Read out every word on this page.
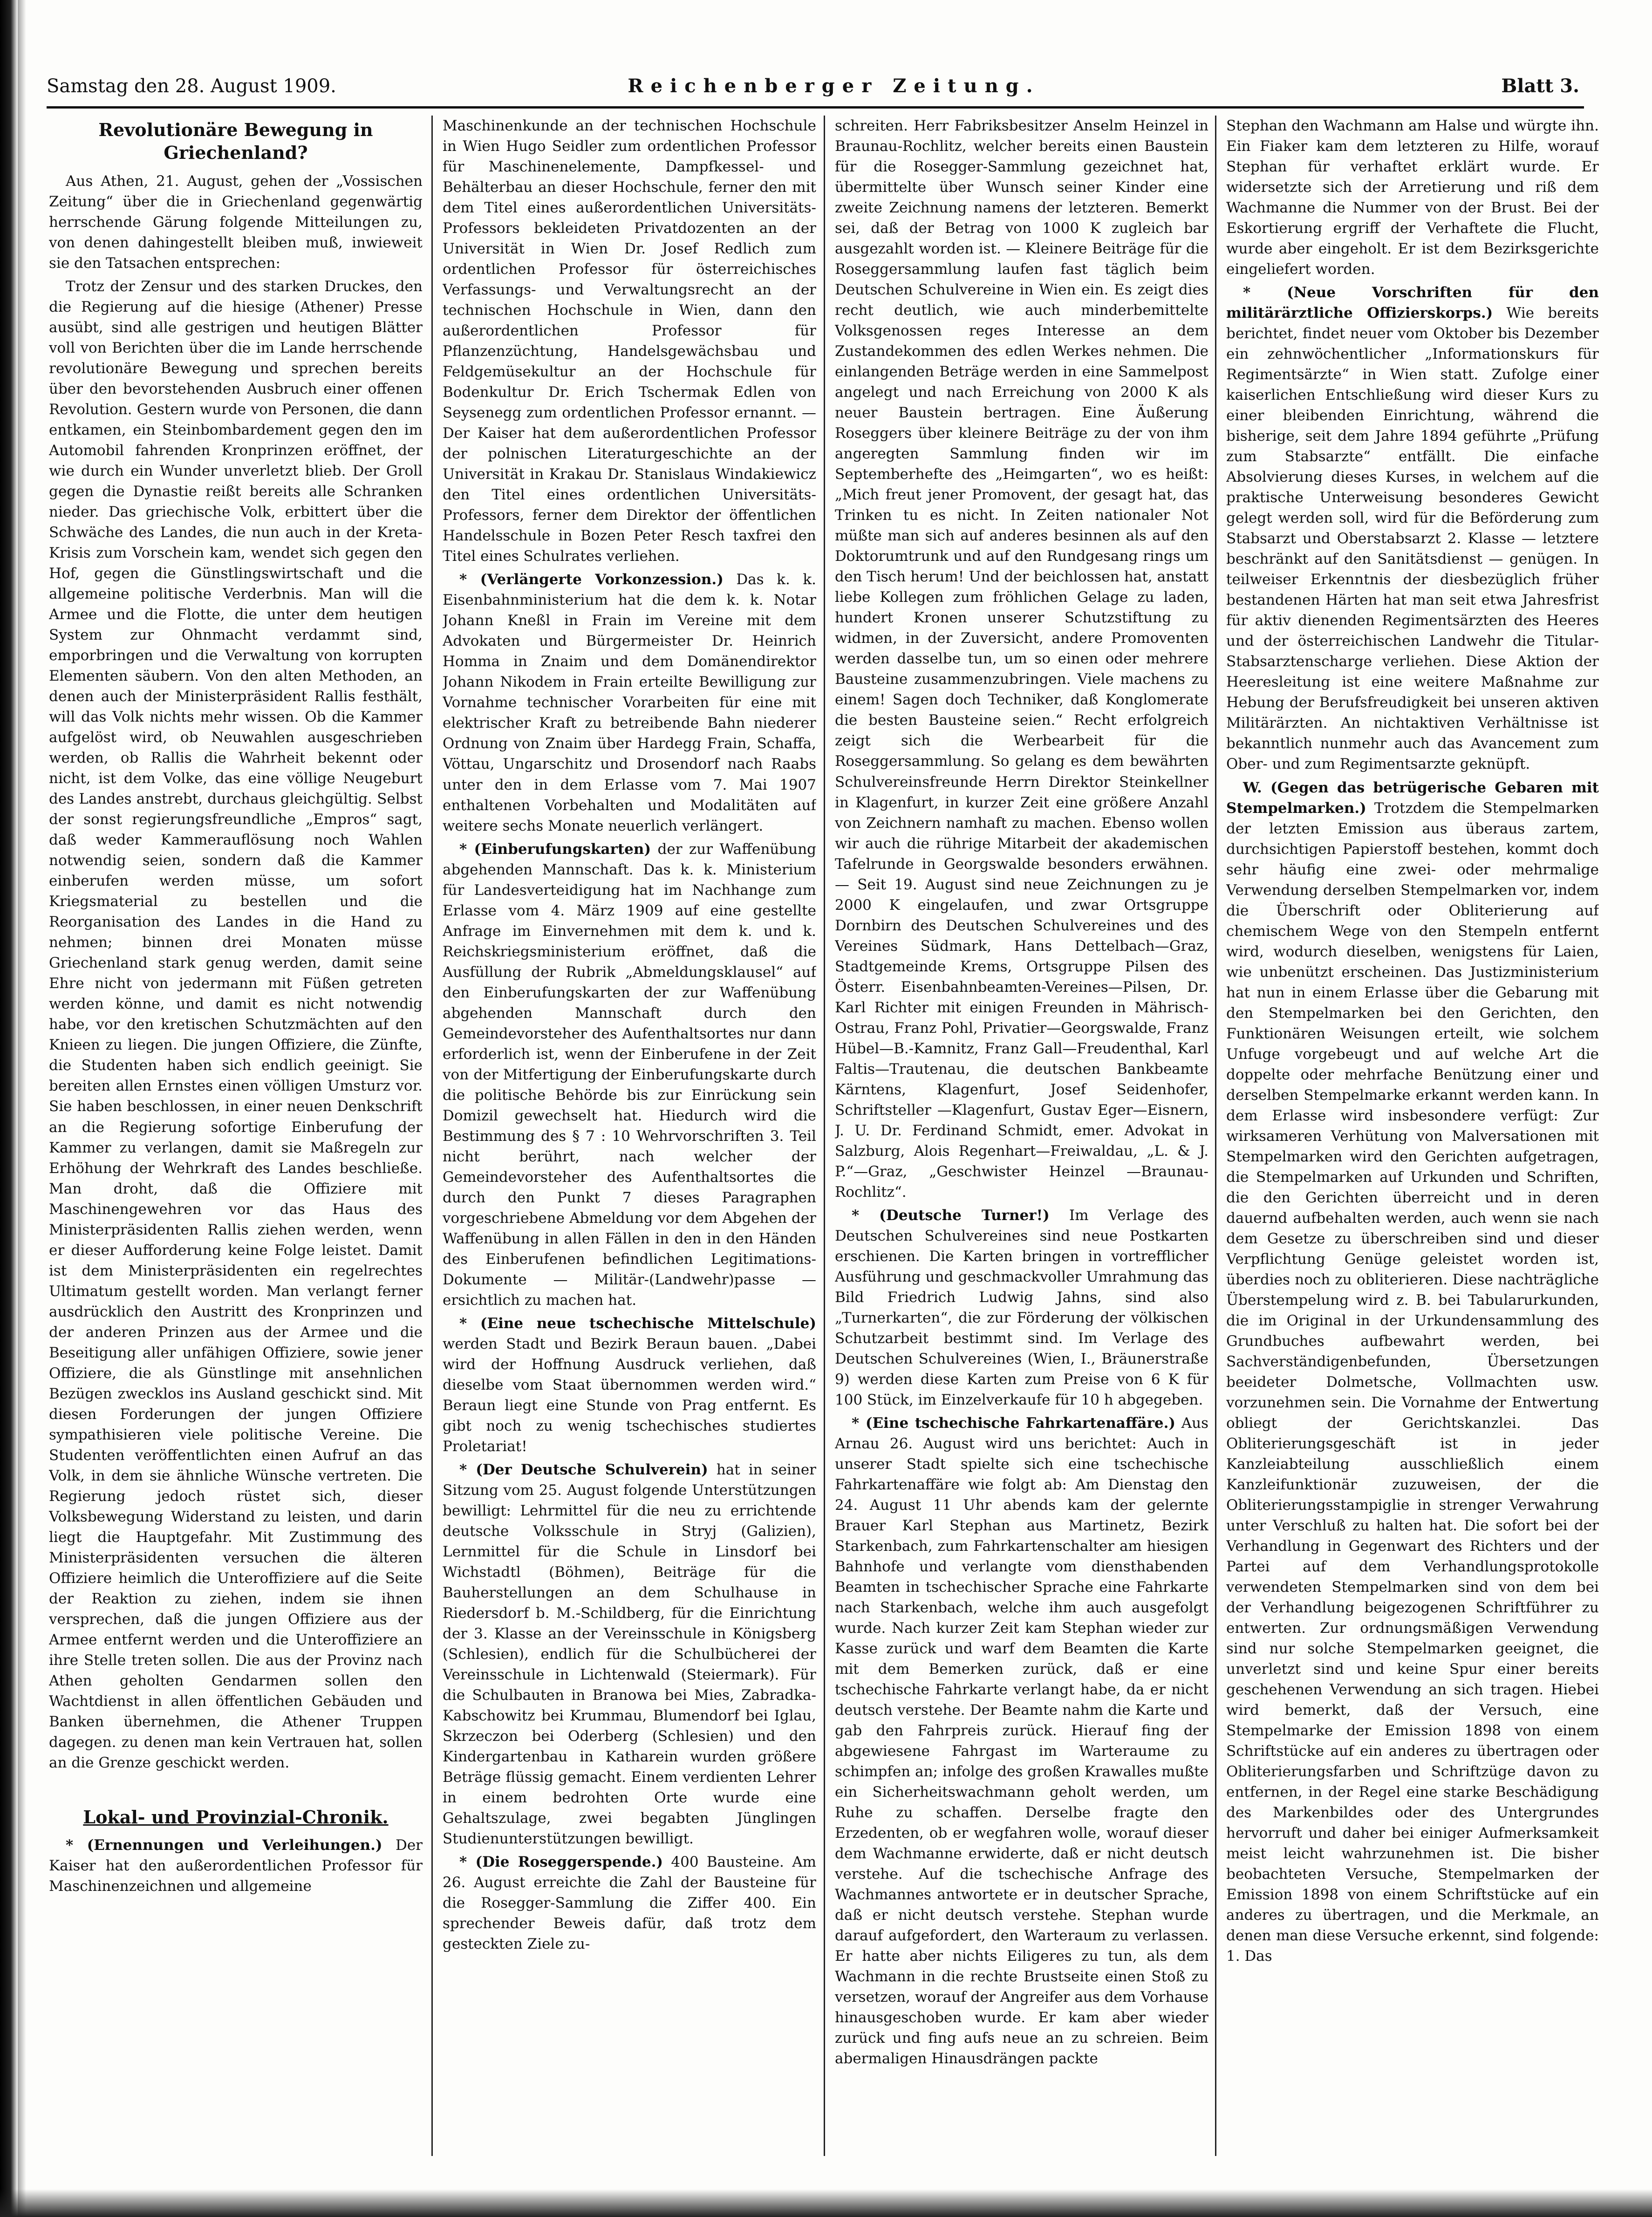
Samstag den 28. August 1909.	Reichenberger Zeitung.	Blatt 3.
Revolutionäre Bewegung in Griechenland?

Aus Athen, 21. August, gehen der „Vossischen Zeitung“ über die in Griechenland gegenwärtig herrschende Gärung folgende Mitteilungen zu, von denen dahingestellt bleiben muß, inwieweit sie den Tatsachen entsprechen:

Trotz der Zensur und des starken Druckes, den die Regierung auf die hiesige (Athener) Presse ausübt, sind alle gestrigen und heutigen Blätter voll von Berichten über die im Lande herrschende revolutionäre Bewegung und sprechen bereits über den bevorstehenden Ausbruch einer offenen Revolution. Gestern wurde von Personen, die dann entkamen, ein Steinbombardement gegen den im Automobil fahrenden Kronprinzen eröffnet, der wie durch ein Wunder unverletzt blieb. Der Groll gegen die Dynastie reißt bereits alle Schranken nieder. Das griechische Volk, erbittert über die Schwäche des Landes, die nun auch in der Kreta-Krisis zum Vorschein kam, wendet sich gegen den Hof, gegen die Günstlingswirtschaft und die allgemeine politische Verderbnis. Man will die Armee und die Flotte, die unter dem heutigen System zur Ohnmacht verdammt sind, emporbringen und die Verwaltung von korrupten Elementen säubern. Von den alten Methoden, an denen auch der Ministerpräsident Rallis festhält, will das Volk nichts mehr wissen. Ob die Kammer aufgelöst wird, ob Neuwahlen ausgeschrieben werden, ob Rallis die Wahrheit bekennt oder nicht, ist dem Volke, das eine völlige Neugeburt des Landes anstrebt, durchaus gleichgültig. Selbst der sonst regierungsfreundliche „Empros“ sagt, daß weder Kammerauflösung noch Wahlen notwendig seien, sondern daß die Kammer einberufen werden müsse, um sofort Kriegsmaterial zu bestellen und die Reorganisation des Landes in die Hand zu nehmen; binnen drei Monaten müsse Griechenland stark genug werden, damit seine Ehre nicht von jedermann mit Füßen getreten werden könne, und damit es nicht notwendig habe, vor den kretischen Schutzmächten auf den Knieen zu liegen. Die jungen Offiziere, die Zünfte, die Studenten haben sich endlich geeinigt. Sie bereiten allen Ernstes einen völligen Umsturz vor. Sie haben beschlossen, in einer neuen Denkschrift an die Regierung sofortige Einberufung der Kammer zu verlangen, damit sie Maßregeln zur Erhöhung der Wehrkraft des Landes beschließe. Man droht, daß die Offiziere mit Maschinengewehren vor das Haus des Ministerpräsidenten Rallis ziehen werden, wenn er dieser Aufforderung keine Folge leistet. Damit ist dem Ministerpräsidenten ein regelrechtes Ultimatum gestellt worden. Man verlangt ferner ausdrücklich den Austritt des Kronprinzen und der anderen Prinzen aus der Armee und die Beseitigung aller unfähigen Offiziere, sowie jener Offiziere, die als Günstlinge mit ansehnlichen Bezügen zwecklos ins Ausland geschickt sind. Mit diesen Forderungen der jungen Offiziere sympathisieren viele politische Vereine. Die Studenten veröffentlichten einen Aufruf an das Volk, in dem sie ähnliche Wünsche vertreten. Die Regierung jedoch rüstet sich, dieser Volksbewegung Widerstand zu leisten, und darin liegt die Hauptgefahr. Mit Zustimmung des Ministerpräsidenten versuchen die älteren Offiziere heimlich die Unteroffiziere auf die Seite der Reaktion zu ziehen, indem sie ihnen versprechen, daß die jungen Offiziere aus der Armee entfernt werden und die Unteroffiziere an ihre Stelle treten sollen. Die aus der Provinz nach Athen geholten Gendarmen sollen den Wachtdienst in allen öffentlichen Gebäuden und Banken übernehmen, die Athener Truppen dagegen. zu denen man kein Vertrauen hat, sollen an die Grenze geschickt werden.

Lokal- und Provinzial-Chronik.

* (Ernennungen und Verleihungen.) Der Kaiser hat den außerordentlichen Professor für Maschinenzeichnen und allgemeine

Maschinenkunde an der technischen Hochschule in Wien Hugo Seidler zum ordentlichen Professor für Maschinenelemente, Dampfkessel- und Behälterbau an dieser Hochschule, ferner den mit dem Titel eines außerordentlichen Universitäts-Professors bekleideten Privatdozenten an der Universität in Wien Dr. Josef Redlich zum ordentlichen Professor für österreichisches Verfassungs- und Verwaltungsrecht an der technischen Hochschule in Wien, dann den außerordentlichen Professor für Pflanzenzüchtung, Handelsgewächsbau und Feldgemüsekultur an der Hochschule für Bodenkultur Dr. Erich Tschermak Edlen von Seysenegg zum ordentlichen Professor ernannt. — Der Kaiser hat dem außerordentlichen Professor der polnischen Literaturgeschichte an der Universität in Krakau Dr. Stanislaus Windakiewicz den Titel eines ordentlichen Universitäts-Professors, ferner dem Direktor der öffentlichen Handelsschule in Bozen Peter Resch taxfrei den Titel eines Schulrates verliehen.

* (Verlängerte Vorkonzession.) Das k. k. Eisenbahnministerium hat die dem k. k. Notar Johann Kneßl in Frain im Vereine mit dem Advokaten und Bürgermeister Dr. Heinrich Homma in Znaim und dem Domänendirektor Johann Nikodem in Frain erteilte Bewilligung zur Vornahme technischer Vorarbeiten für eine mit elektrischer Kraft zu betreibende Bahn niederer Ordnung von Znaim über Hardegg Frain, Schaffa, Vöttau, Ungarschitz und Drosendorf nach Raabs unter den in dem Erlasse vom 7. Mai 1907 enthaltenen Vorbehalten und Modalitäten auf weitere sechs Monate neuerlich verlängert.

* (Einberufungskarten) der zur Waffenübung abgehenden Mannschaft. Das k. k. Ministerium für Landesverteidigung hat im Nachhange zum Erlasse vom 4. März 1909 auf eine gestellte Anfrage im Einvernehmen mit dem k. und k. Reichskriegsministerium eröffnet, daß die Ausfüllung der Rubrik „Abmeldungsklausel“ auf den Einberufungskarten der zur Waffenübung abgehenden Mannschaft durch den Gemeindevorsteher des Aufenthaltsortes nur dann erforderlich ist, wenn der Einberufene in der Zeit von der Mitfertigung der Einberufungskarte durch die politische Behörde bis zur Einrückung sein Domizil gewechselt hat. Hiedurch wird die Bestimmung des § 7 : 10 Wehrvorschriften 3. Teil nicht berührt, nach welcher der Gemeindevorsteher des Aufenthaltsortes die durch den Punkt 7 dieses Paragraphen vorgeschriebene Abmeldung vor dem Abgehen der Waffenübung in allen Fällen in den in den Händen des Einberufenen befindlichen Legitimations-Dokumente — Militär-(Landwehr)passe — ersichtlich zu machen hat.

* (Eine neue tschechische Mittelschule) werden Stadt und Bezirk Beraun bauen. „Dabei wird der Hoffnung Ausdruck verliehen, daß dieselbe vom Staat übernommen werden wird.“ Beraun liegt eine Stunde von Prag entfernt. Es gibt noch zu wenig tschechisches studiertes Proletariat!

* (Der Deutsche Schulverein) hat in seiner Sitzung vom 25. August folgende Unterstützungen bewilligt: Lehrmittel für die neu zu errichtende deutsche Volksschule in Stryj (Galizien), Lernmittel für die Schule in Linsdorf bei Wichstadtl (Böhmen), Beiträge für die Bauherstellungen an dem Schulhause in Riedersdorf b. M.-Schildberg, für die Einrichtung der 3. Klasse an der Vereinsschule in Königsberg (Schlesien), endlich für die Schulbücherei der Vereinsschule in Lichtenwald (Steiermark). Für die Schulbauten in Branowa bei Mies, Zabradka-Kabschowitz bei Krummau, Blumendorf bei Iglau, Skrzeczon bei Oderberg (Schlesien) und den Kindergartenbau in Katharein wurden größere Beträge flüssig gemacht. Einem verdienten Lehrer in einem bedrohten Orte wurde eine Gehaltszulage, zwei begabten Jünglingen Studienunterstützungen bewilligt.

* (Die Roseggerspende.) 400 Bausteine. Am 26. August erreichte die Zahl der Bausteine für die Rosegger-Sammlung die Ziffer 400. Ein sprechender Beweis dafür, daß trotz dem gesteckten Ziele zu-

schreiten. Herr Fabriksbesitzer Anselm Heinzel in Braunau-Rochlitz, welcher bereits einen Baustein für die Rosegger-Sammlung gezeichnet hat, übermittelte über Wunsch seiner Kinder eine zweite Zeichnung namens der letzteren. Bemerkt sei, daß der Betrag von 1000 K zugleich bar ausgezahlt worden ist. — Kleinere Beiträge für die Roseggersammlung laufen fast täglich beim Deutschen Schulvereine in Wien ein. Es zeigt dies recht deutlich, wie auch minderbemittelte Volksgenossen reges Interesse an dem Zustandekommen des edlen Werkes nehmen. Die einlangenden Beträge werden in eine Sammelpost angelegt und nach Erreichung von 2000 K als neuer Baustein bertragen. Eine Äußerung Roseggers über kleinere Beiträge zu der von ihm angeregten Sammlung finden wir im Septemberhefte des „Heimgarten“, wo es heißt: „Mich freut jener Promovent, der gesagt hat, das Trinken tu es nicht. In Zeiten nationaler Not müßte man sich auf anderes besinnen als auf den Doktorumtrunk und auf den Rundgesang rings um den Tisch herum! Und der beichlossen hat, anstatt liebe Kollegen zum fröhlichen Gelage zu laden, hundert Kronen unserer Schutzstiftung zu widmen, in der Zuversicht, andere Promoventen werden dasselbe tun, um so einen oder mehrere Bausteine zusammenzubringen. Viele machens zu einem! Sagen doch Techniker, daß Konglomerate die besten Bausteine seien.“ Recht erfolgreich zeigt sich die Werbearbeit für die Roseggersammlung. So gelang es dem bewährten Schulvereinsfreunde Herrn Direktor Steinkellner in Klagenfurt, in kurzer Zeit eine größere Anzahl von Zeichnern namhaft zu machen. Ebenso wollen wir auch die rührige Mitarbeit der akademischen Tafelrunde in Georgswalde besonders erwähnen. — Seit 19. August sind neue Zeichnungen zu je 2000 K eingelaufen, und zwar Ortsgruppe Dornbirn des Deutschen Schulvereines und des Vereines Südmark, Hans Dettelbach—Graz, Stadtgemeinde Krems, Ortsgruppe Pilsen des Österr. Eisenbahnbeamten-Vereines—Pilsen, Dr. Karl Richter mit einigen Freunden in Mährisch-Ostrau, Franz Pohl, Privatier—Georgswalde, Franz Hübel—B.-Kamnitz, Franz Gall—Freudenthal, Karl Faltis—Trautenau, die deutschen Bankbeamte Kärntens, Klagenfurt, Josef Seidenhofer, Schriftsteller —Klagenfurt, Gustav Eger—Eisnern, J. U. Dr. Ferdinand Schmidt, emer. Advokat in Salzburg, Alois Regenhart—Freiwaldau, „L. & J. P.“—Graz, „Geschwister Heinzel —Braunau-Rochlitz“.

* (Deutsche Turner!) Im Verlage des Deutschen Schulvereines sind neue Postkarten erschienen. Die Karten bringen in vortrefflicher Ausführung und geschmackvoller Umrahmung das Bild Friedrich Ludwig Jahns, sind also „Turnerkarten“, die zur Förderung der völkischen Schutzarbeit bestimmt sind. Im Verlage des Deutschen Schulvereines (Wien, I., Bräunerstraße 9) werden diese Karten zum Preise von 6 K für 100 Stück, im Einzelverkaufe für 10 h abgegeben.

* (Eine tschechische Fahrkartenaffäre.) Aus Arnau 26. August wird uns berichtet: Auch in unserer Stadt spielte sich eine tschechische Fahrkartenaffäre wie folgt ab: Am Dienstag den 24. August 11 Uhr abends kam der gelernte Brauer Karl Stephan aus Martinetz, Bezirk Starkenbach, zum Fahrkartenschalter am hiesigen Bahnhofe und verlangte vom diensthabenden Beamten in tschechischer Sprache eine Fahrkarte nach Starkenbach, welche ihm auch ausgefolgt wurde. Nach kurzer Zeit kam Stephan wieder zur Kasse zurück und warf dem Beamten die Karte mit dem Bemerken zurück, daß er eine tschechische Fahrkarte verlangt habe, da er nicht deutsch verstehe. Der Beamte nahm die Karte und gab den Fahrpreis zurück. Hierauf fing der abgewiesene Fahrgast im Warteraume zu schimpfen an; infolge des großen Krawalles mußte ein Sicherheitswachmann geholt werden, um Ruhe zu schaffen. Derselbe fragte den Erzedenten, ob er wegfahren wolle, worauf dieser dem Wachmanne erwiderte, daß er nicht deutsch verstehe. Auf die tschechische Anfrage des Wachmannes antwortete er in deutscher Sprache, daß er nicht deutsch verstehe. Stephan wurde darauf aufgefordert, den Warteraum zu verlassen. Er hatte aber nichts Eiligeres zu tun, als dem Wachmann in die rechte Brustseite einen Stoß zu versetzen, worauf der Angreifer aus dem Vorhause hinausgeschoben wurde. Er kam aber wieder zurück und fing aufs neue an zu schreien. Beim abermaligen Hinausdrängen packte

Stephan den Wachmann am Halse und würgte ihn. Ein Fiaker kam dem letzteren zu Hilfe, worauf Stephan für verhaftet erklärt wurde. Er widersetzte sich der Arretierung und riß dem Wachmanne die Nummer von der Brust. Bei der Eskortierung ergriff der Verhaftete die Flucht, wurde aber eingeholt. Er ist dem Bezirksgerichte eingeliefert worden.

* (Neue Vorschriften für den militärärztliche Offizierskorps.) Wie bereits berichtet, findet neuer vom Oktober bis Dezember ein zehnwöchentlicher „Informationskurs für Regimentsärzte“ in Wien statt. Zufolge einer kaiserlichen Entschließung wird dieser Kurs zu einer bleibenden Einrichtung, während die bisherige, seit dem Jahre 1894 geführte „Prüfung zum Stabsarzte“ entfällt. Die einfache Absolvierung dieses Kurses, in welchem auf die praktische Unterweisung besonderes Gewicht gelegt werden soll, wird für die Beförderung zum Stabsarzt und Oberstabsarzt 2. Klasse — letztere beschränkt auf den Sanitätsdienst — genügen. In teilweiser Erkenntnis der diesbezüglich früher bestandenen Härten hat man seit etwa Jahresfrist für aktiv dienenden Regimentsärzten des Heeres und der österreichischen Landwehr die Titular-Stabsarztenscharge verliehen. Diese Aktion der Heeresleitung ist eine weitere Maßnahme zur Hebung der Berufsfreudigkeit bei unseren aktiven Militärärzten. An nichtaktiven Verhältnisse ist bekanntlich nunmehr auch das Avancement zum Ober- und zum Regimentsarzte geknüpft.

W. (Gegen das betrügerische Gebaren mit Stempelmarken.) Trotzdem die Stempelmarken der letzten Emission aus überaus zartem, durchsichtigen Papierstoff bestehen, kommt doch sehr häufig eine zwei- oder mehrmalige Verwendung derselben Stempelmarken vor, indem die Überschrift oder Obliterierung auf chemischem Wege von den Stempeln entfernt wird, wodurch dieselben, wenigstens für Laien, wie unbenützt erscheinen. Das Justizministerium hat nun in einem Erlasse über die Gebarung mit den Stempelmarken bei den Gerichten, den Funktionären Weisungen erteilt, wie solchem Unfuge vorgebeugt und auf welche Art die doppelte oder mehrfache Benützung einer und derselben Stempelmarke erkannt werden kann. In dem Erlasse wird insbesondere verfügt: Zur wirksameren Verhütung von Malversationen mit Stempelmarken wird den Gerichten aufgetragen, die Stempelmarken auf Urkunden und Schriften, die den Gerichten überreicht und in deren dauernd aufbehalten werden, auch wenn sie nach dem Gesetze zu überschreiben sind und dieser Verpflichtung Genüge geleistet worden ist, überdies noch zu obliterieren. Diese nachträgliche Überstempelung wird z. B. bei Tabularurkunden, die im Original in der Urkundensammlung des Grundbuches aufbewahrt werden, bei Sachverständigenbefunden, Übersetzungen beeideter Dolmetsche, Vollmachten usw. vorzunehmen sein. Die Vornahme der Entwertung obliegt der Gerichtskanzlei. Das Obliterierungsgeschäft ist in jeder Kanzleiabteilung ausschließlich einem Kanzleifunktionär zuzuweisen, der die Obliterierungsstampiglie in strenger Verwahrung unter Verschluß zu halten hat. Die sofort bei der Verhandlung in Gegenwart des Richters und der Partei auf dem Verhandlungsprotokolle verwendeten Stempelmarken sind von dem bei der Verhandlung beigezogenen Schriftführer zu entwerten. Zur ordnungsmäßigen Verwendung sind nur solche Stempelmarken geeignet, die unverletzt sind und keine Spur einer bereits geschehenen Verwendung an sich tragen. Hiebei wird bemerkt, daß der Versuch, eine Stempelmarke der Emission 1898 von einem Schriftstücke auf ein anderes zu übertragen oder Obliterierungsfarben und Schriftzüge davon zu entfernen, in der Regel eine starke Beschädigung des Markenbildes oder des Untergrundes hervorruft und daher bei einiger Aufmerksamkeit meist leicht wahrzunehmen ist. Die bisher beobachteten Versuche, Stempelmarken der Emission 1898 von einem Schriftstücke auf ein anderes zu übertragen, und die Merkmale, an denen man diese Versuche erkennt, sind folgende: 1. Das
